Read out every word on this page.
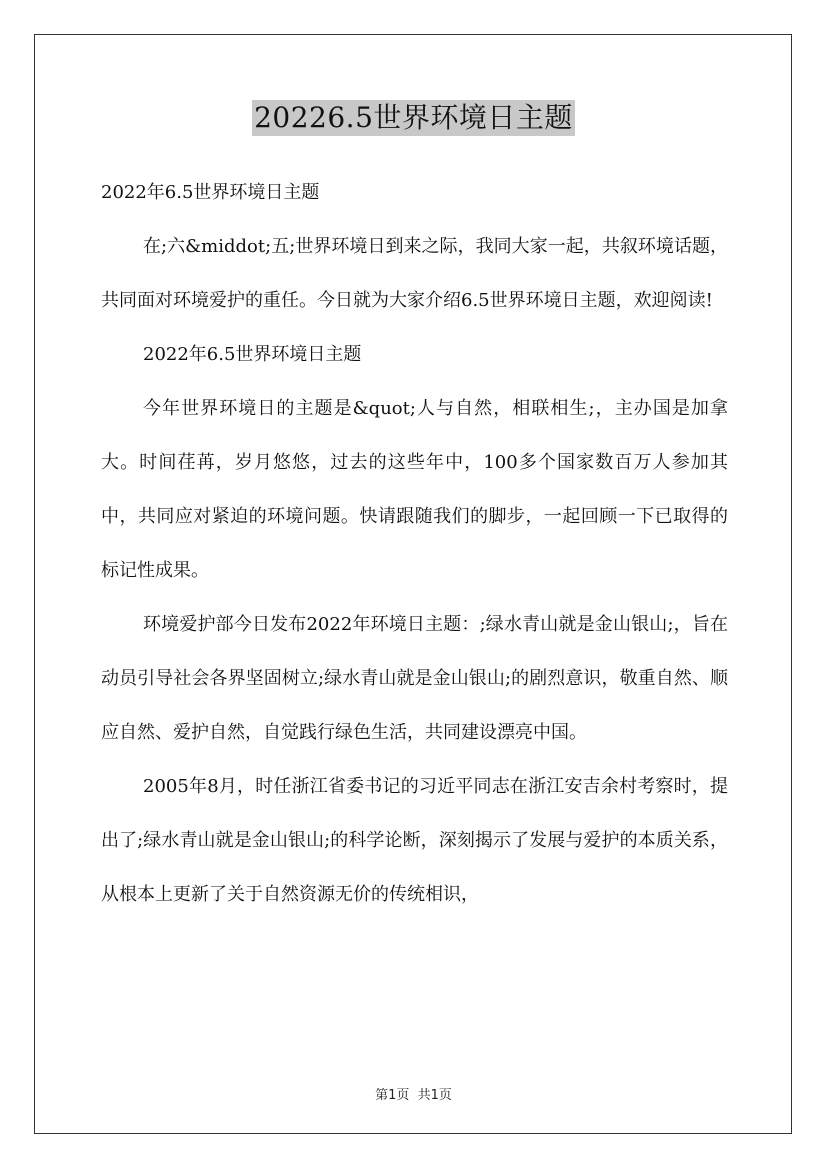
20226.5世界环境日主题

2022年6.5世界环境日主题

在;六&middot;五;世界环境日到来之际，我同大家一起，共叙环境话题，共同面对环境爱护的重任。今日就为大家介绍6.5世界环境日主题，欢迎阅读!

2022年6.5世界环境日主题

今年世界环境日的主题是&quot;人与自然，相联相生;，主办国是加拿大。时间荏苒，岁月悠悠，过去的这些年中，100多个国家数百万人参加其中，共同应对紧迫的环境问题。快请跟随我们的脚步，一起回顾一下已取得的标记性成果。

环境爱护部今日发布2022年环境日主题：;绿水青山就是金山银山;，旨在动员引导社会各界坚固树立;绿水青山就是金山银山;的剧烈意识，敬重自然、顺应自然、爱护自然，自觉践行绿色生活，共同建设漂亮中国。

2005年8月，时任浙江省委书记的习近平同志在浙江安吉余村考察时，提出了;绿水青山就是金山银山;的科学论断，深刻揭示了发展与爱护的本质关系，从根本上更新了关于自然资源无价的传统相识，

第1页 共1页
